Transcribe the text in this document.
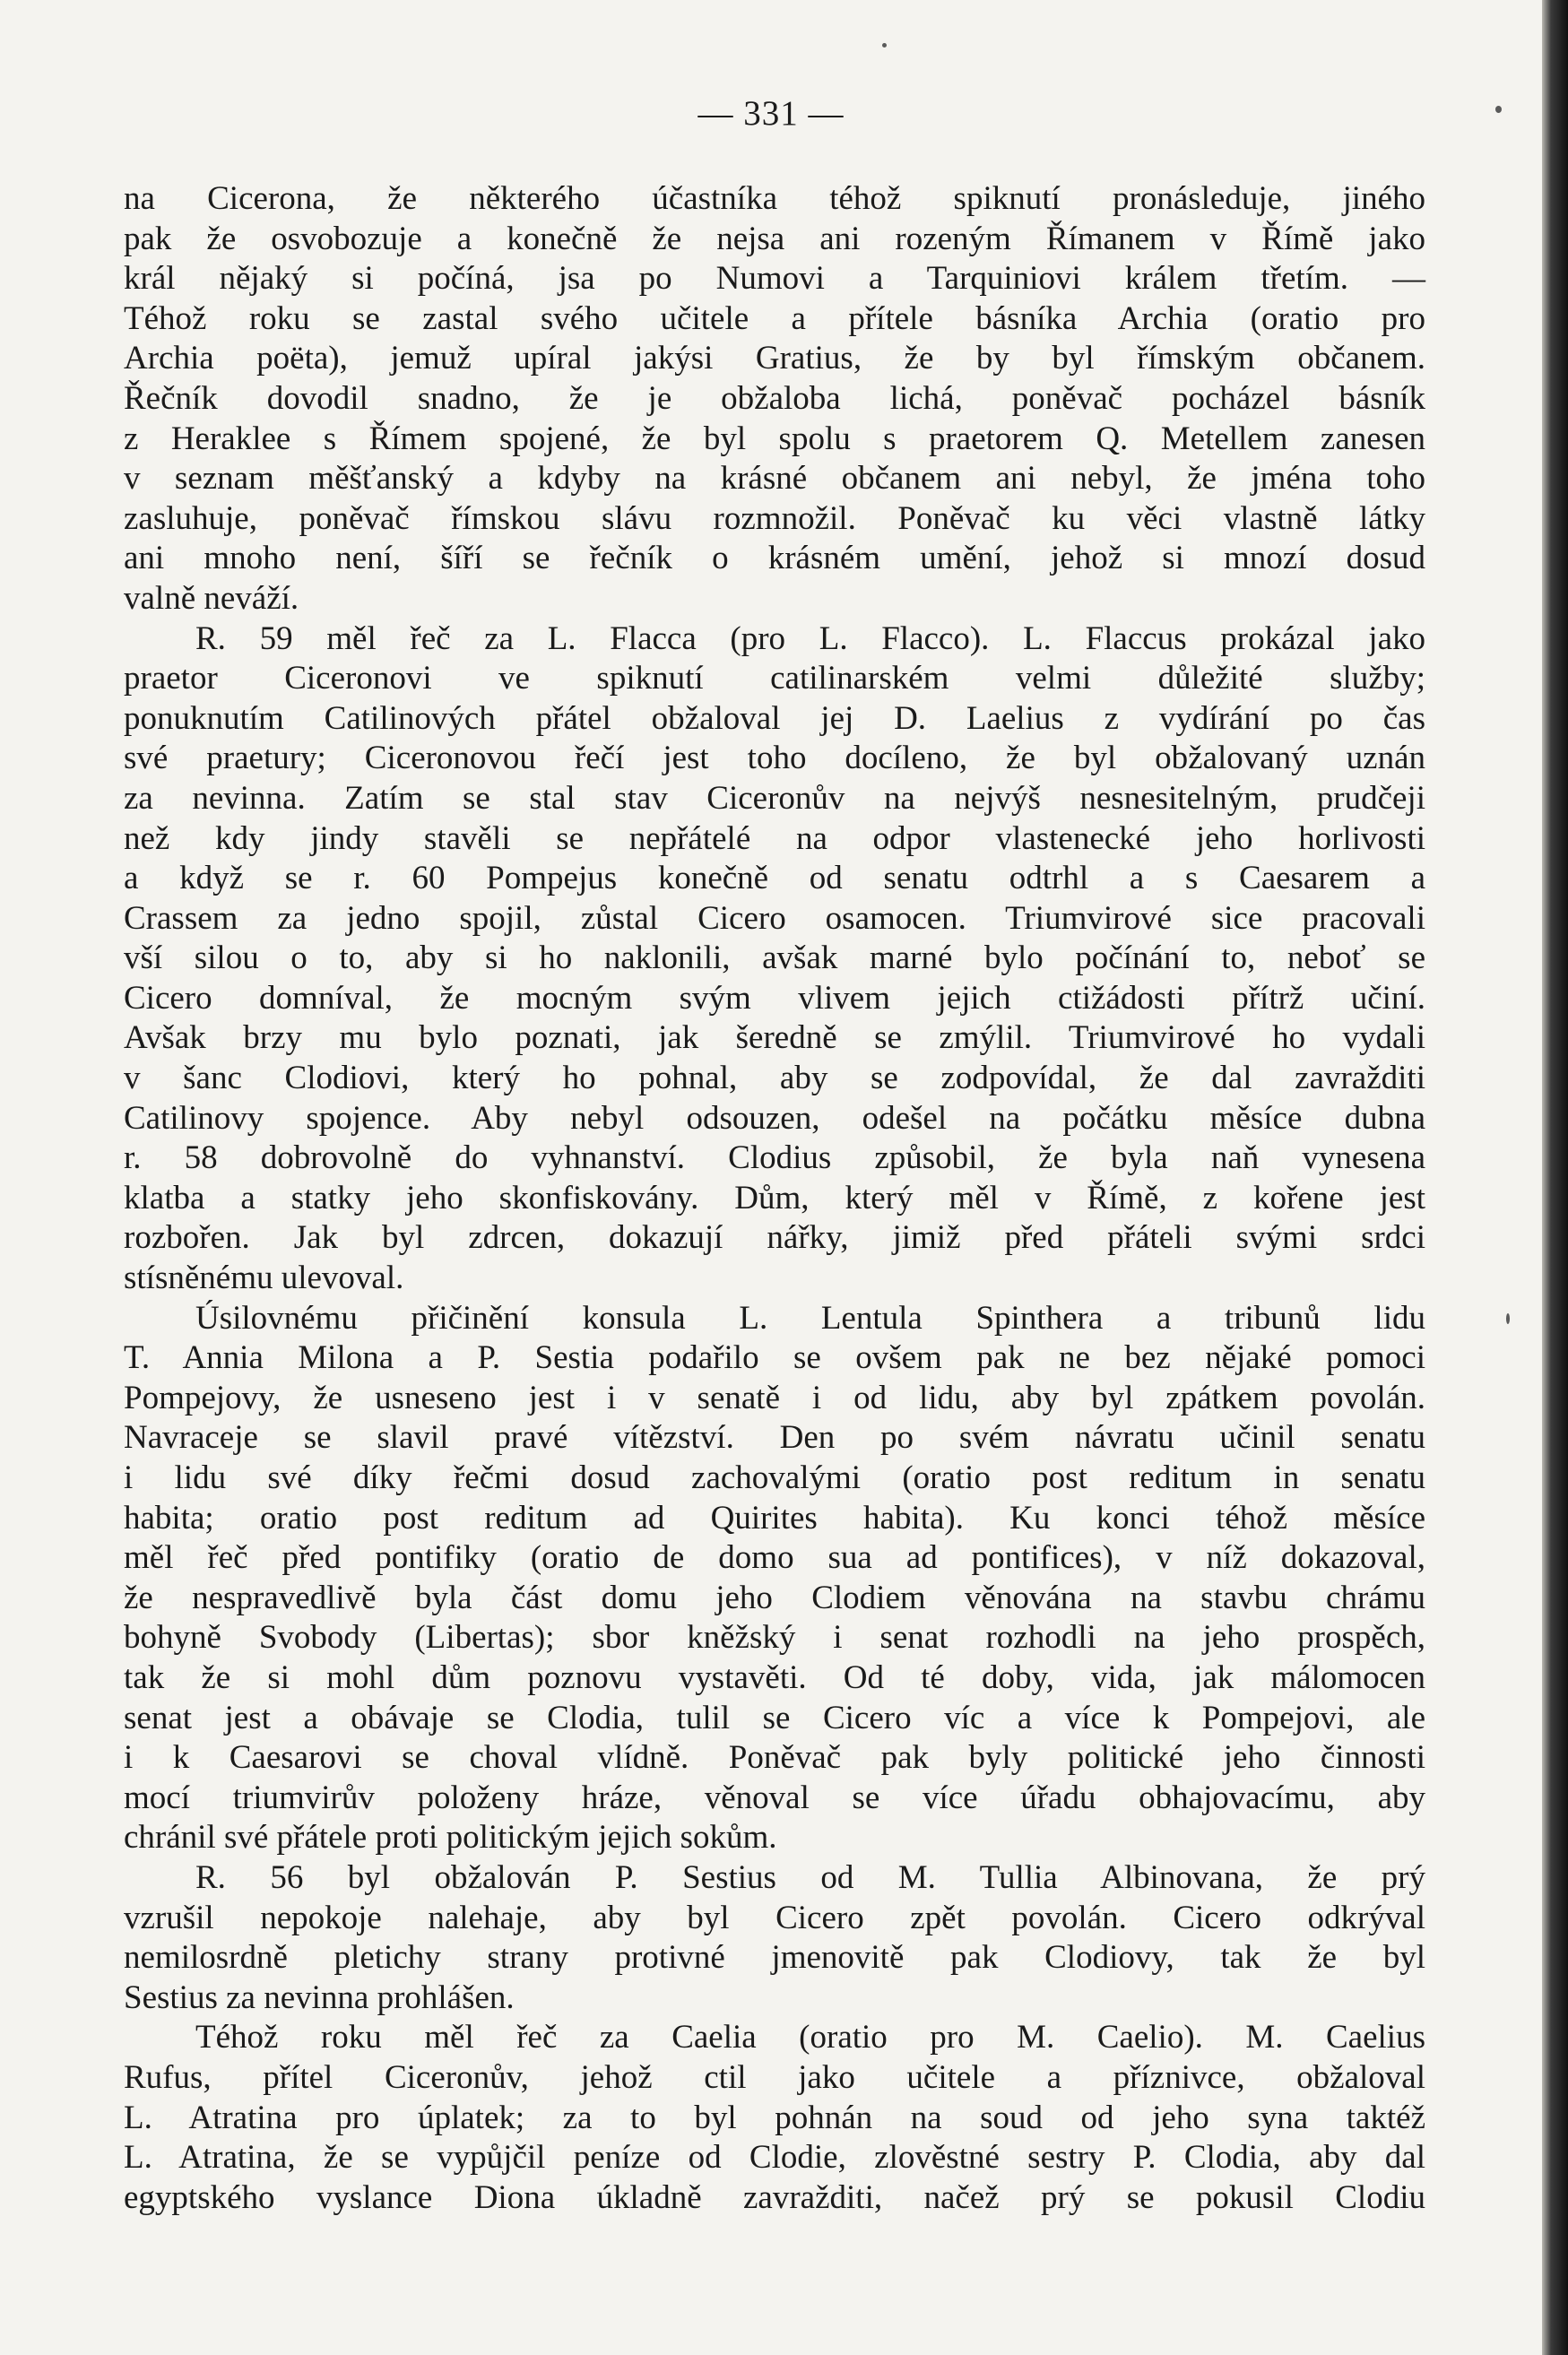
— 331 —
na Cicerona, že některého účastníka téhož spiknutí pronásleduje, jiného
pak že osvobozuje a konečně že nejsa ani rozeným Římanem v Římě jako
král nějaký si počíná, jsa po Numovi a Tarquiniovi králem třetím. —
Téhož roku se zastal svého učitele a přítele básníka Archia (oratio pro
Archia poëta), jemuž upíral jakýsi Gratius, že by byl římským občanem.
Řečník dovodil snadno, že je obžaloba lichá, poněvač pocházel básník
z Heraklee s Římem spojené, že byl spolu s praetorem Q. Metellem zanesen
v seznam měšťanský a kdyby na krásné občanem ani nebyl, že jména toho
zasluhuje, poněvač římskou slávu rozmnožil. Poněvač ku věci vlastně látky
ani mnoho není, šíří se řečník o krásném umění, jehož si mnozí dosud
valně neváží.
R. 59 měl řeč za L. Flacca (pro L. Flacco). L. Flaccus prokázal jako
praetor Ciceronovi ve spiknutí catilinarském velmi důležité služby;
ponuknutím Catilinových přátel obžaloval jej D. Laelius z vydírání po čas
své praetury; Ciceronovou řečí jest toho docíleno, že byl obžalovaný uznán
za nevinna. Zatím se stal stav Ciceronův na nejvýš nesnesitelným, prudčeji
než kdy jindy stavěli se nepřátelé na odpor vlastenecké jeho horlivosti
a když se r. 60 Pompejus konečně od senatu odtrhl a s Caesarem a
Crassem za jedno spojil, zůstal Cicero osamocen. Triumvirové sice pracovali
vší silou o to, aby si ho naklonili, avšak marné bylo počínání to, neboť se
Cicero domníval, že mocným svým vlivem jejich ctižádosti přítrž učiní.
Avšak brzy mu bylo poznati, jak šeredně se zmýlil. Triumvirové ho vydali
v šanc Clodiovi, který ho pohnal, aby se zodpovídal, že dal zavražditi
Catilinovy spojence. Aby nebyl odsouzen, odešel na počátku měsíce dubna
r. 58 dobrovolně do vyhnanství. Clodius způsobil, že byla naň vynesena
klatba a statky jeho skonfiskovány. Dům, který měl v Římě, z kořene jest
rozbořen. Jak byl zdrcen, dokazují nářky, jimiž před přáteli svými srdci
stísněnému ulevoval.
Úsilovnému přičinění konsula L. Lentula Spinthera a tribunů lidu
T. Annia Milona a P. Sestia podařilo se ovšem pak ne bez nějaké pomoci
Pompejovy, že usneseno jest i v senatě i od lidu, aby byl zpátkem povolán.
Navraceje se slavil pravé vítězství. Den po svém návratu učinil senatu
i lidu své díky řečmi dosud zachovalými (oratio post reditum in senatu
habita; oratio post reditum ad Quirites habita). Ku konci téhož měsíce
měl řeč před pontifiky (oratio de domo sua ad pontifices), v níž dokazoval,
že nespravedlivě byla část domu jeho Clodiem věnována na stavbu chrámu
bohyně Svobody (Libertas); sbor kněžský i senat rozhodli na jeho prospěch,
tak že si mohl dům poznovu vystavěti. Od té doby, vida, jak málomocen
senat jest a obávaje se Clodia, tulil se Cicero víc a více k Pompejovi, ale
i k Caesarovi se choval vlídně. Poněvač pak byly politické jeho činnosti
mocí triumvirův položeny hráze, věnoval se více úřadu obhajovacímu, aby
chránil své přátele proti politickým jejich sokům.
R. 56 byl obžalován P. Sestius od M. Tullia Albinovana, že prý
vzrušil nepokoje nalehaje, aby byl Cicero zpět povolán. Cicero odkrýval
nemilosrdně pletichy strany protivné jmenovitě pak Clodiovy, tak že byl
Sestius za nevinna prohlášen.
Téhož roku měl řeč za Caelia (oratio pro M. Caelio). M. Caelius
Rufus, přítel Ciceronův, jehož ctil jako učitele a příznivce, obžaloval
L. Atratina pro úplatek; za to byl pohnán na soud od jeho syna taktéž
L. Atratina, že se vypůjčil peníze od Clodie, zlověstné sestry P. Clodia, aby dal
egyptského vyslance Diona úkladně zavražditi, načež prý se pokusil Clodiu
